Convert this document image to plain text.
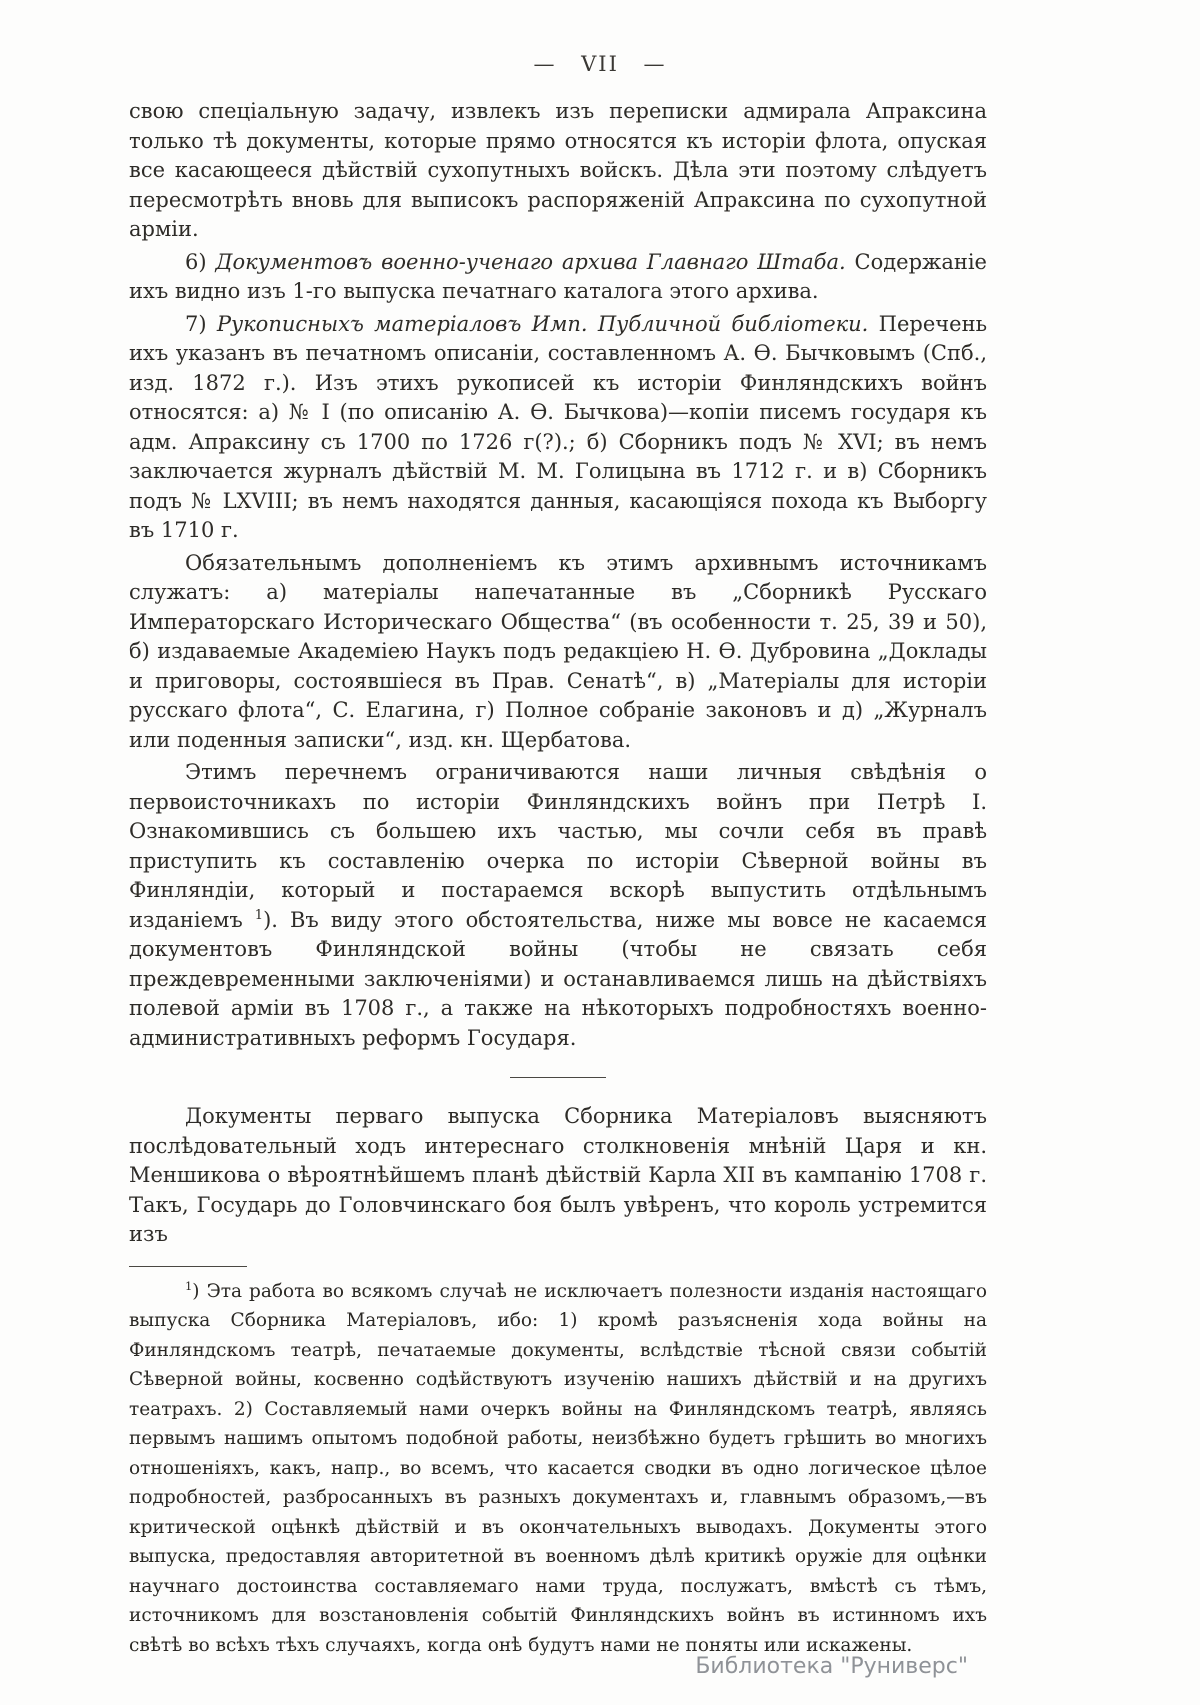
— VII —

свою спеціальную задачу, извлекъ изъ переписки адмирала Апраксина только тѣ документы, которые прямо относятся къ исторіи флота, опуская все касающееся дѣйствій сухопутныхъ войскъ. Дѣла эти поэтому слѣдуетъ пересмотрѣть вновь для выписокъ распоряженій Апраксина по сухопутной арміи.

6) Документовъ военно-ученаго архива Главнаго Штаба. Содержаніе ихъ видно изъ 1-го выпуска печатнаго каталога этого архива.

7) Рукописныхъ матеріаловъ Имп. Публичной библіотеки. Перечень ихъ указанъ въ печатномъ описаніи, составленномъ А. Ѳ. Бычковымъ (Спб., изд. 1872 г.). Изъ этихъ рукописей къ исторіи Финляндскихъ войнъ относятся: а) № I (по описанію А. Ѳ. Бычкова)—копіи писемъ государя къ адм. Апраксину съ 1700 по 1726 г(?).; б) Сборникъ подъ № XVI; въ немъ заключается журналъ дѣйствій М. М. Голицына въ 1712 г. и в) Сборникъ подъ № LXVIII; въ немъ находятся данныя, касающіяся похода къ Выборгу въ 1710 г.

Обязательнымъ дополненіемъ къ этимъ архивнымъ источникамъ служатъ: а) матеріалы напечатанные въ „Сборникѣ Русскаго Императорскаго Историческаго Общества“ (въ особенности т. 25, 39 и 50), б) издаваемые Академіею Наукъ подъ редакціею Н. Ѳ. Дубровина „Доклады и приговоры, состоявшіеся въ Прав. Сенатѣ“, в) „Матеріалы для исторіи русскаго флота“, С. Елагина, г) Полное собраніе законовъ и д) „Журналъ или поденныя записки“, изд. кн. Щербатова.

Этимъ перечнемъ ограничиваются наши личныя свѣдѣнія о первоисточникахъ по исторіи Финляндскихъ войнъ при Петрѣ I. Ознакомившись съ большею ихъ частью, мы сочли себя въ правѣ приступить къ составленію очерка по исторіи Сѣверной войны въ Финляндіи, который и постараемся вскорѣ выпустить отдѣльнымъ изданіемъ $^1$). Въ виду этого обстоятельства, ниже мы вовсе не касаемся документовъ Финляндской войны (чтобы не связать себя преждевременными заключеніями) и останавливаемся лишь на дѣйствіяхъ полевой арміи въ 1708 г., а также на нѣкоторыхъ подробностяхъ военно-административныхъ реформъ Государя.

Документы перваго выпуска Сборника Матеріаловъ выясняютъ послѣдовательный ходъ интереснаго столкновенія мнѣній Царя и кн. Меншикова о вѣроятнѣйшемъ планѣ дѣйствій Карла XII въ кампанію 1708 г. Такъ, Государь до Головчинскаго боя былъ увѣренъ, что король устремится изъ

$^1$) Эта работа во всякомъ случаѣ не исключаетъ полезности изданія настоящаго выпуска Сборника Матеріаловъ, ибо: 1) кромѣ разъясненія хода войны на Финляндскомъ театрѣ, печатаемые документы, вслѣдствіе тѣсной связи событій Сѣверной войны, косвенно содѣйствуютъ изученію нашихъ дѣйствій и на другихъ театрахъ. 2) Составляемый нами очеркъ войны на Финляндскомъ театрѣ, являясь первымъ нашимъ опытомъ подобной работы, неизбѣжно будетъ грѣшить во многихъ отношеніяхъ, какъ, напр., во всемъ, что касается сводки въ одно логическое цѣлое подробностей, разбросанныхъ въ разныхъ документахъ и, главнымъ образомъ,—въ критической оцѣнкѣ дѣйствій и въ окончательныхъ выводахъ. Документы этого выпуска, предоставляя авторитетной въ военномъ дѣлѣ критикѣ оружіе для оцѣнки научнаго достоинства составляемаго нами труда, послужатъ, вмѣстѣ съ тѣмъ, источникомъ для возстановленія событій Финляндскихъ войнъ въ истинномъ ихъ свѣтѣ во всѣхъ тѣхъ случаяхъ, когда онѣ будутъ нами не поняты или искажены.

Библиотека "Руниверс"
